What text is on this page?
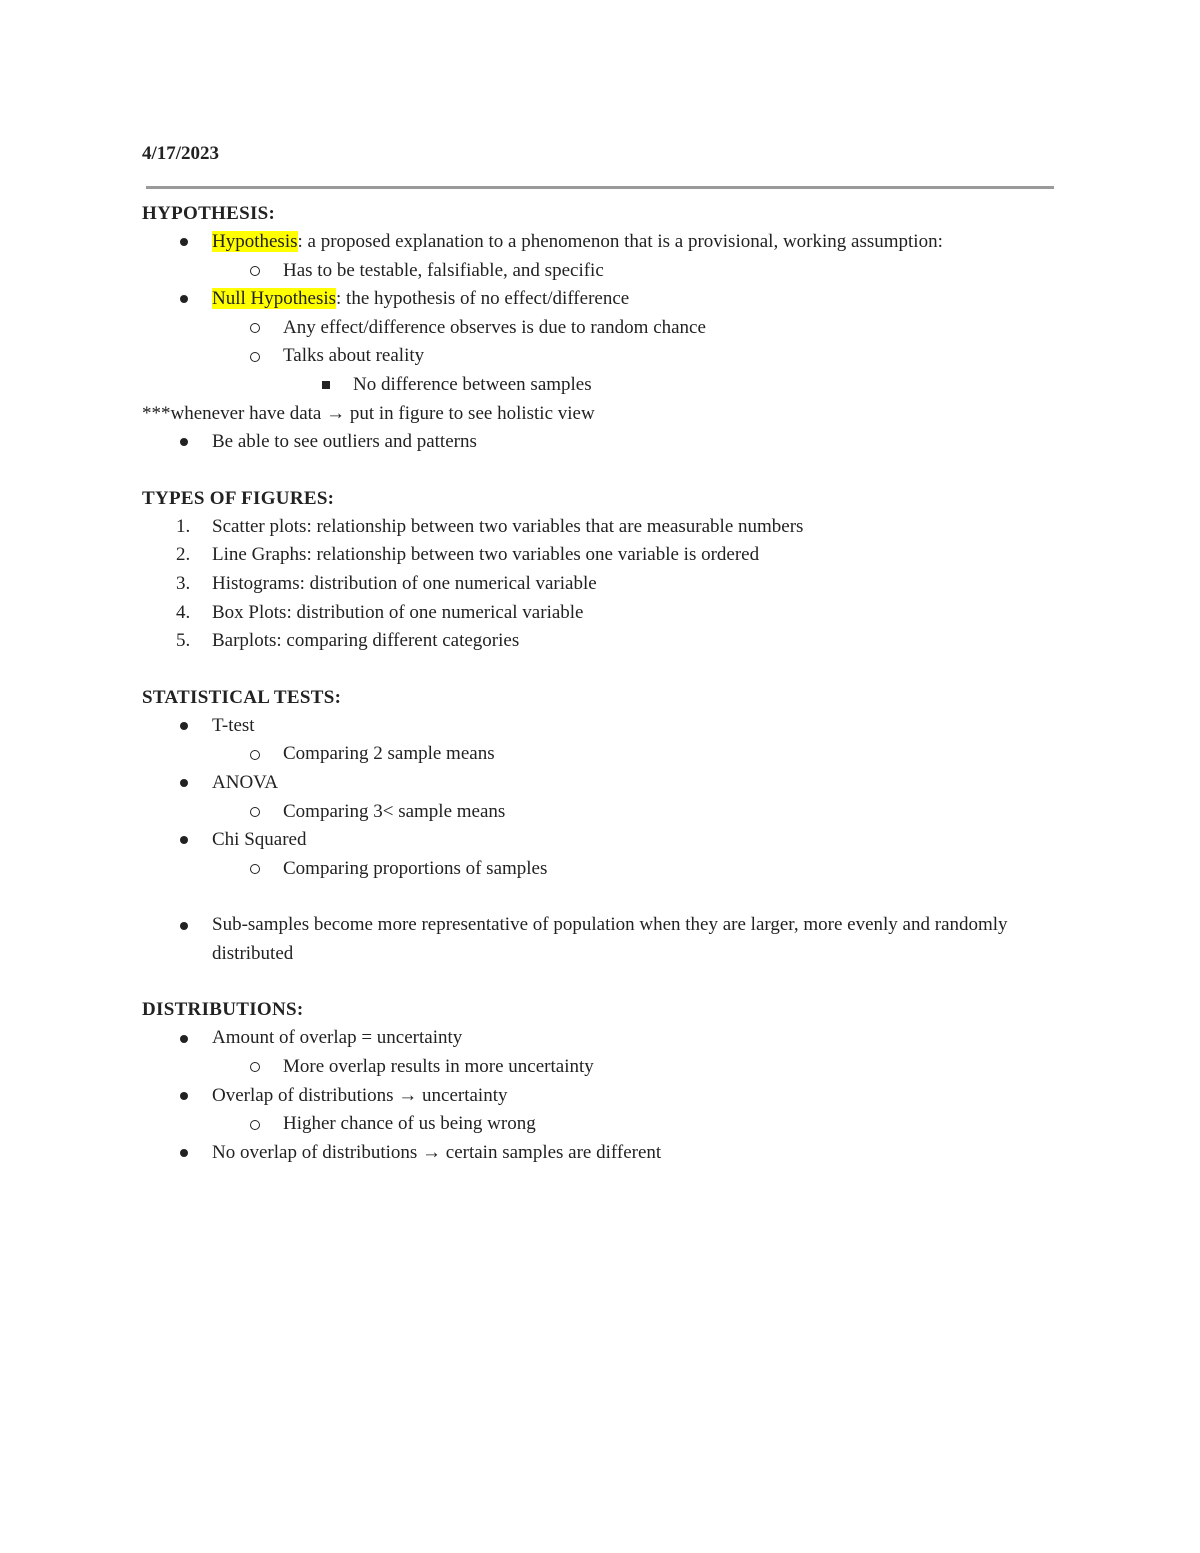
4/17/2023

HYPOTHESIS:

Hypothesis: a proposed explanation to a phenomenon that is a provisional, working assumption:
Has to be testable, falsifiable, and specific
Null Hypothesis: the hypothesis of no effect/difference
Any effect/difference observes is due to random chance
Talks about reality
No difference between samples

***whenever have data → put in figure to see holistic view

Be able to see outliers and patterns

TYPES OF FIGURES:

1. Scatter plots: relationship between two variables that are measurable numbers
2. Line Graphs: relationship between two variables one variable is ordered
3. Histograms: distribution of one numerical variable
4. Box Plots: distribution of one numerical variable
5. Barplots: comparing different categories

STATISTICAL TESTS:

T-test
Comparing 2 sample means
ANOVA
Comparing 3< sample means
Chi Squared
Comparing proportions of samples
Sub-samples become more representative of population when they are larger, more evenly and randomly distributed

DISTRIBUTIONS:

Amount of overlap = uncertainty
More overlap results in more uncertainty
Overlap of distributions → uncertainty
Higher chance of us being wrong
No overlap of distributions → certain samples are different
